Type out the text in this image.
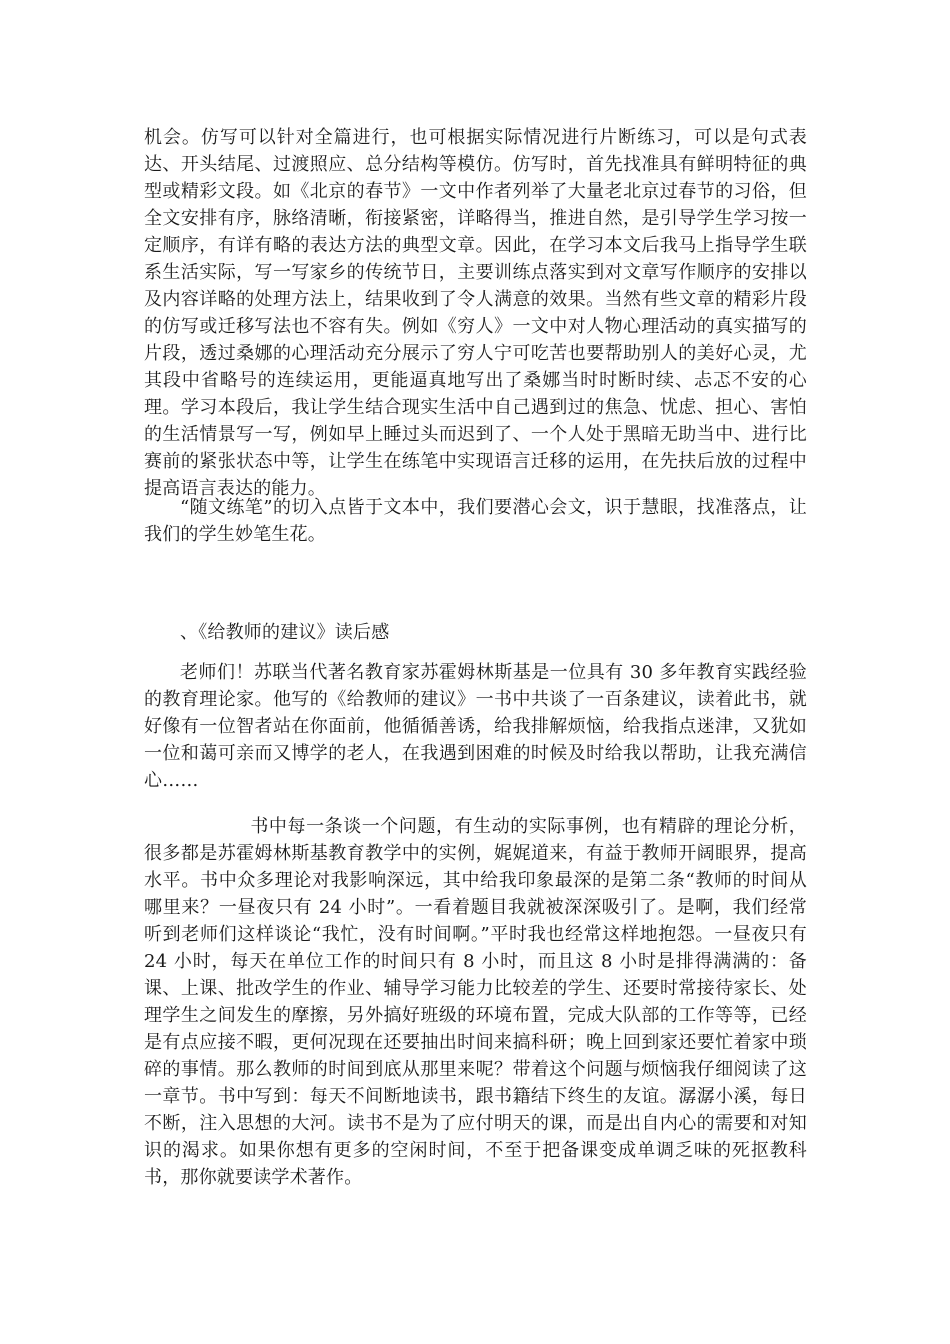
机会。仿写可以针对全篇进行，也可根据实际情况进行片断练习，可以是句式表达、开头结尾、过渡照应、总分结构等模仿。仿写时，首先找准具有鲜明特征的典型或精彩文段。如《北京的春节》一文中作者列举了大量老北京过春节的习俗，但全文安排有序，脉络清晰，衔接紧密，详略得当，推进自然，是引导学生学习按一定顺序，有详有略的表达方法的典型文章。因此，在学习本文后我马上指导学生联系生活实际，写一写家乡的传统节日，主要训练点落实到对文章写作顺序的安排以及内容详略的处理方法上，结果收到了令人满意的效果。当然有些文章的精彩片段的仿写或迁移写法也不容有失。例如《穷人》一文中对人物心理活动的真实描写的片段，透过桑娜的心理活动充分展示了穷人宁可吃苦也要帮助别人的美好心灵，尤其段中省略号的连续运用，更能逼真地写出了桑娜当时时断时续、忐忑不安的心理。学习本段后，我让学生结合现实生活中自己遇到过的焦急、忧虑、担心、害怕的生活情景写一写，例如早上睡过头而迟到了、一个人处于黑暗无助当中、进行比赛前的紧张状态中等，让学生在练笔中实现语言迁移的运用，在先扶后放的过程中提高语言表达的能力。

“随文练笔”的切入点皆于文本中，我们要潜心会文，识于慧眼，找准落点，让我们的学生妙笔生花。

、《给教师的建议》读后感

老师们！苏联当代著名教育家苏霍姆林斯基是一位具有 30 多年教育实践经验的教育理论家。他写的《给教师的建议》一书中共谈了一百条建议，读着此书，就好像有一位智者站在你面前，他循循善诱，给我排解烦恼，给我指点迷津，又犹如一位和蔼可亲而又博学的老人，在我遇到困难的时候及时给我以帮助，让我充满信心……

书中每一条谈一个问题，有生动的实际事例，也有精辟的理论分析，很多都是苏霍姆林斯基教育教学中的实例，娓娓道来，有益于教师开阔眼界，提高水平。书中众多理论对我影响深远，其中给我印象最深的是第二条“教师的时间从哪里来？一昼夜只有 24 小时”。一看着题目我就被深深吸引了。是啊，我们经常听到老师们这样谈论“我忙，没有时间啊。”平时我也经常这样地抱怨。一昼夜只有 24 小时，每天在单位工作的时间只有 8 小时，而且这 8 小时是排得满满的：备课、上课、批改学生的作业、辅导学习能力比较差的学生、还要时常接待家长、处理学生之间发生的摩擦，另外搞好班级的环境布置，完成大队部的工作等等，已经是有点应接不暇，更何况现在还要抽出时间来搞科研；晚上回到家还要忙着家中琐碎的事情。那么教师的时间到底从那里来呢？带着这个问题与烦恼我仔细阅读了这一章节。书中写到：每天不间断地读书，跟书籍结下终生的友谊。潺潺小溪，每日不断，注入思想的大河。读书不是为了应付明天的课，而是出自内心的需要和对知识的渴求。如果你想有更多的空闲时间，不至于把备课变成单调乏味的死抠教科书，那你就要读学术著作。
